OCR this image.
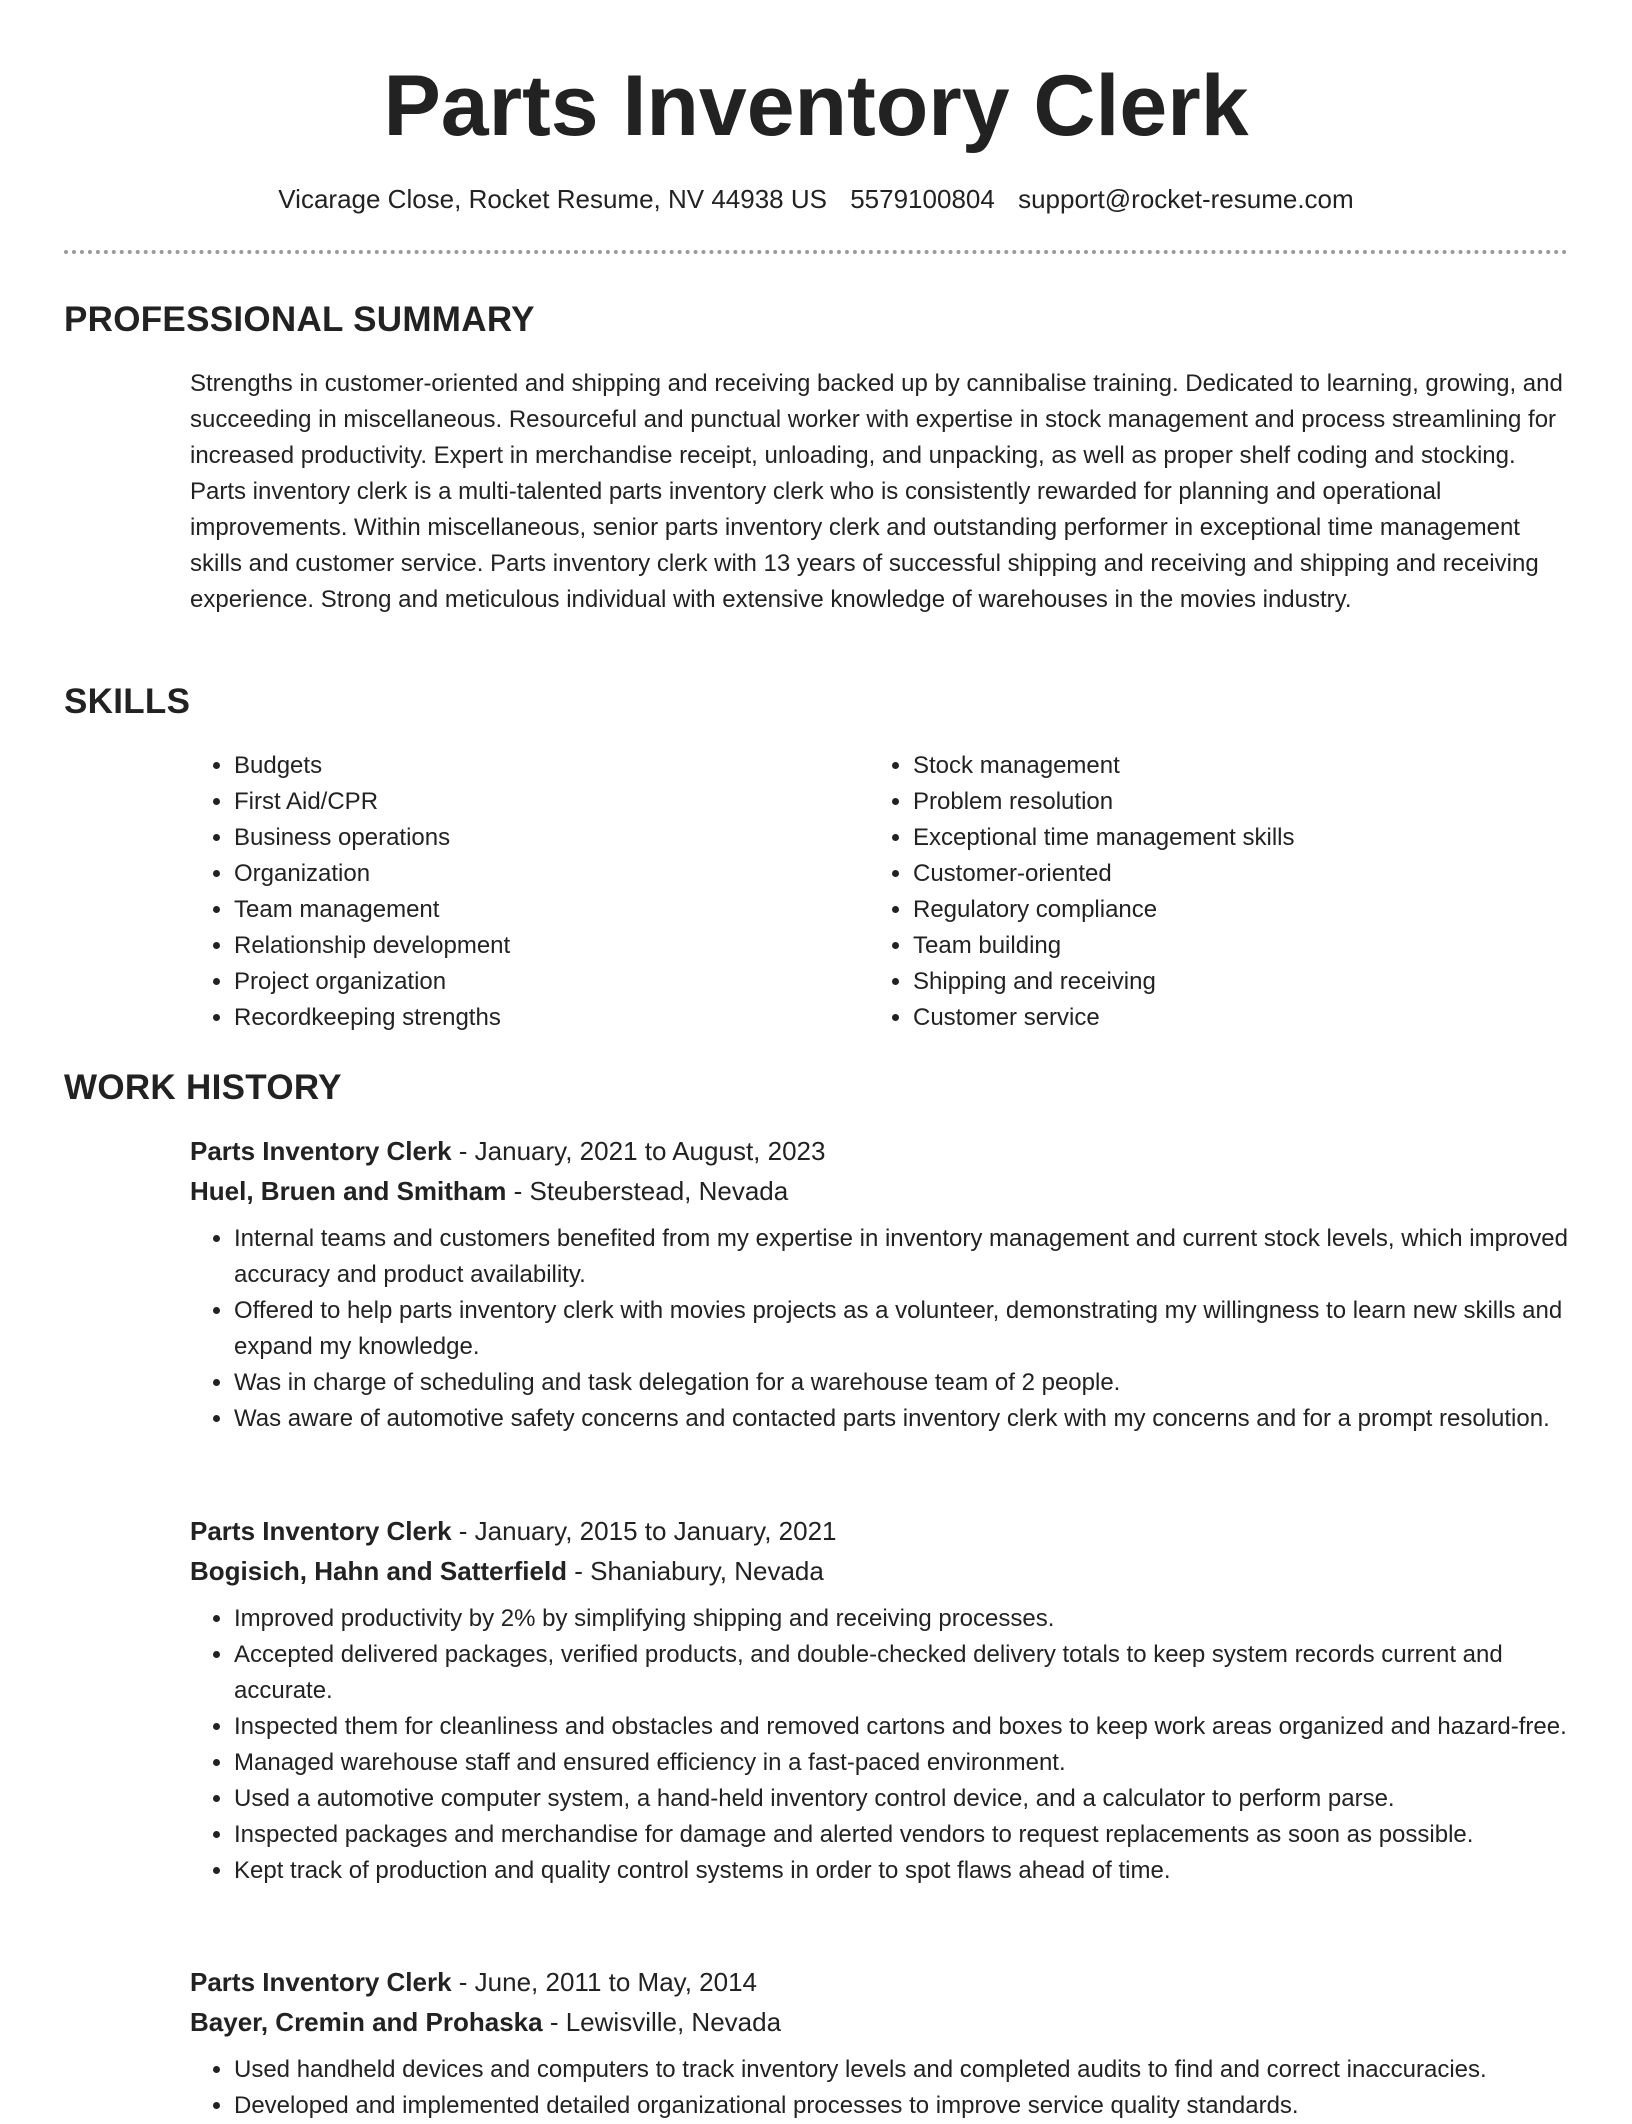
Parts Inventory Clerk
Vicarage Close, Rocket Resume, NV 44938 US 5579100804 support@rocket-resume.com
PROFESSIONAL SUMMARY

Strengths in customer-oriented and shipping and receiving backed up by cannibalise training. Dedicated to learning, growing, and succeeding in miscellaneous. Resourceful and punctual worker with expertise in stock management and process streamlining for increased productivity. Expert in merchandise receipt, unloading, and unpacking, as well as proper shelf coding and stocking. Parts inventory clerk is a multi-talented parts inventory clerk who is consistently rewarded for planning and operational improvements. Within miscellaneous, senior parts inventory clerk and outstanding performer in exceptional time management skills and customer service. Parts inventory clerk with 13 years of successful shipping and receiving and shipping and receiving experience. Strong and meticulous individual with extensive knowledge of warehouses in the movies industry.

SKILLS
• Budgets
• First Aid/CPR
• Business operations
• Organization
• Team management
• Relationship development
• Project organization
• Recordkeeping strengths
• Stock management
• Problem resolution
• Exceptional time management skills
• Customer-oriented
• Regulatory compliance
• Team building
• Shipping and receiving
• Customer service
WORK HISTORY
Parts Inventory Clerk - January, 2021 to August, 2023
Huel, Bruen and Smitham - Steuberstead, Nevada
• Internal teams and customers benefited from my expertise in inventory management and current stock levels, which improved accuracy and product availability.
• Offered to help parts inventory clerk with movies projects as a volunteer, demonstrating my willingness to learn new skills and expand my knowledge.
• Was in charge of scheduling and task delegation for a warehouse team of 2 people.
• Was aware of automotive safety concerns and contacted parts inventory clerk with my concerns and for a prompt resolution.
Parts Inventory Clerk - January, 2015 to January, 2021
Bogisich, Hahn and Satterfield - Shaniabury, Nevada
• Improved productivity by 2% by simplifying shipping and receiving processes.
• Accepted delivered packages, verified products, and double-checked delivery totals to keep system records current and accurate.
• Inspected them for cleanliness and obstacles and removed cartons and boxes to keep work areas organized and hazard-free.
• Managed warehouse staff and ensured efficiency in a fast-paced environment.
• Used a automotive computer system, a hand-held inventory control device, and a calculator to perform parse.
• Inspected packages and merchandise for damage and alerted vendors to request replacements as soon as possible.
• Kept track of production and quality control systems in order to spot flaws ahead of time.
Parts Inventory Clerk - June, 2011 to May, 2014
Bayer, Cremin and Prohaska - Lewisville, Nevada
• Used handheld devices and computers to track inventory levels and completed audits to find and correct inaccuracies.
• Developed and implemented detailed organizational processes to improve service quality standards.
